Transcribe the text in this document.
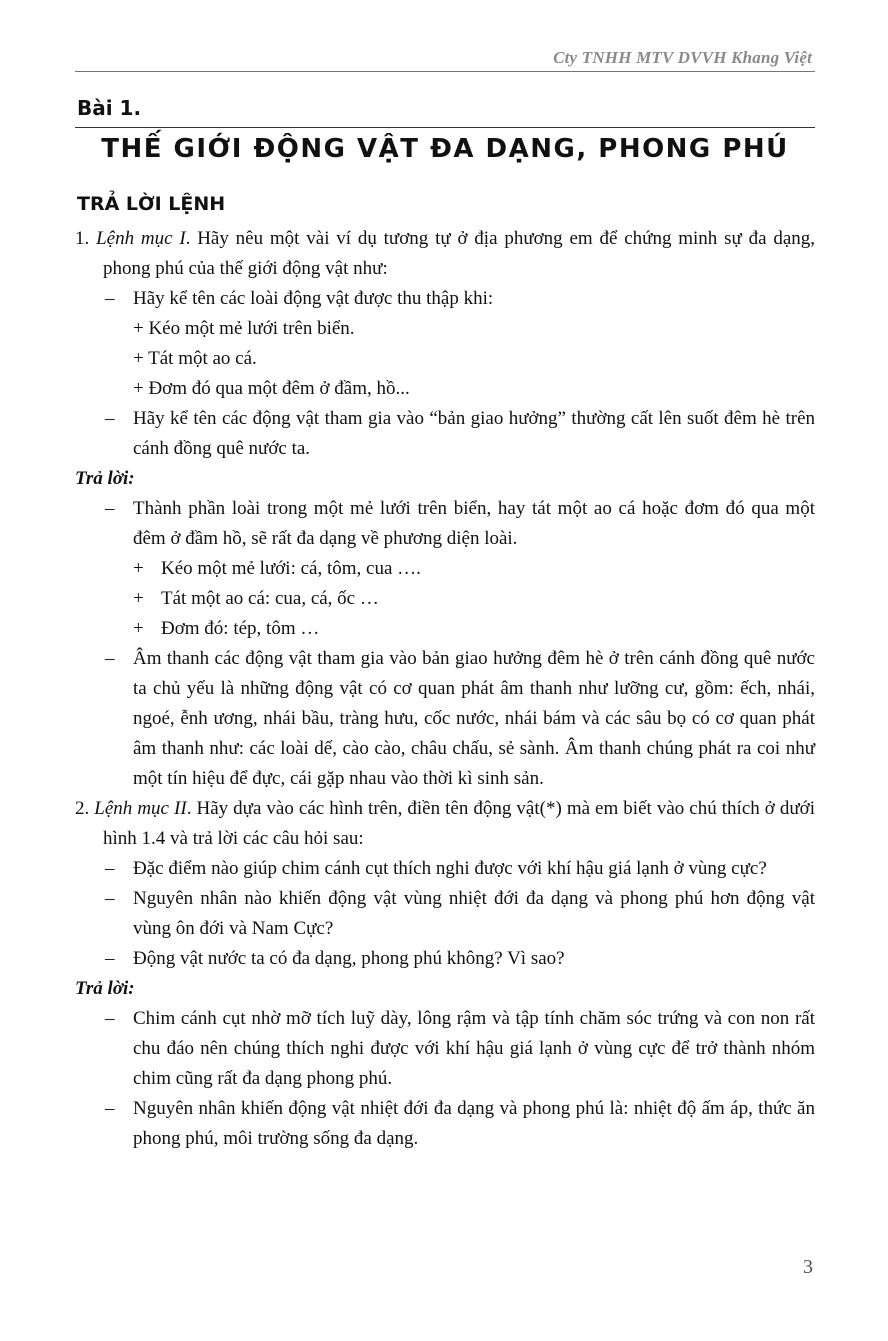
Cty TNHH MTV DVVH Khang Việt
Bài 1.
THẾ GIỚI ĐỘNG VẬT ĐA DẠNG, PHONG PHÚ
TRẢ LỜI LỆNH

1. Lệnh mục I. Hãy nêu một vài ví dụ tương tự ở địa phương em để chứng minh sự đa dạng, phong phú của thế giới động vật như:

– Hãy kể tên các loài động vật được thu thập khi:

+ Kéo một mẻ lưới trên biển.

+ Tát một ao cá.

+ Đơm đó qua một đêm ở đầm, hồ...

– Hãy kể tên các động vật tham gia vào “bản giao hưởng” thường cất lên suốt đêm hè trên cánh đồng quê nước ta.

Trả lời:

– Thành phần loài trong một mẻ lưới trên biển, hay tát một ao cá hoặc đơm đó qua một đêm ở đầm hồ, sẽ rất đa dạng về phương diện loài.

+ Kéo một mẻ lưới: cá, tôm, cua ….

+ Tát một ao cá: cua, cá, ốc …

+ Đơm đó: tép, tôm …

– Âm thanh các động vật tham gia vào bản giao hưởng đêm hè ở trên cánh đồng quê nước ta chủ yếu là những động vật có cơ quan phát âm thanh như lưỡng cư, gồm: ếch, nhái, ngoé, ễnh ương, nhái bầu, tràng hưu, cốc nước, nhái bám và các sâu bọ có cơ quan phát âm thanh như: các loài dế, cào cào, châu chấu, sẻ sành. Âm thanh chúng phát ra coi như một tín hiệu để đực, cái gặp nhau vào thời kì sinh sản.

2. Lệnh mục II. Hãy dựa vào các hình trên, điền tên động vật(*) mà em biết vào chú thích ở dưới hình 1.4 và trả lời các câu hỏi sau:

– Đặc điểm nào giúp chim cánh cụt thích nghi được với khí hậu giá lạnh ở vùng cực?

– Nguyên nhân nào khiến động vật vùng nhiệt đới đa dạng và phong phú hơn động vật vùng ôn đới và Nam Cực?

– Động vật nước ta có đa dạng, phong phú không? Vì sao?

Trả lời:

– Chim cánh cụt nhờ mỡ tích luỹ dày, lông rậm và tập tính chăm sóc trứng và con non rất chu đáo nên chúng thích nghi được với khí hậu giá lạnh ở vùng cực để trở thành nhóm chim cũng rất đa dạng phong phú.

– Nguyên nhân khiến động vật nhiệt đới đa dạng và phong phú là: nhiệt độ ấm áp, thức ăn phong phú, môi trường sống đa dạng.

3
